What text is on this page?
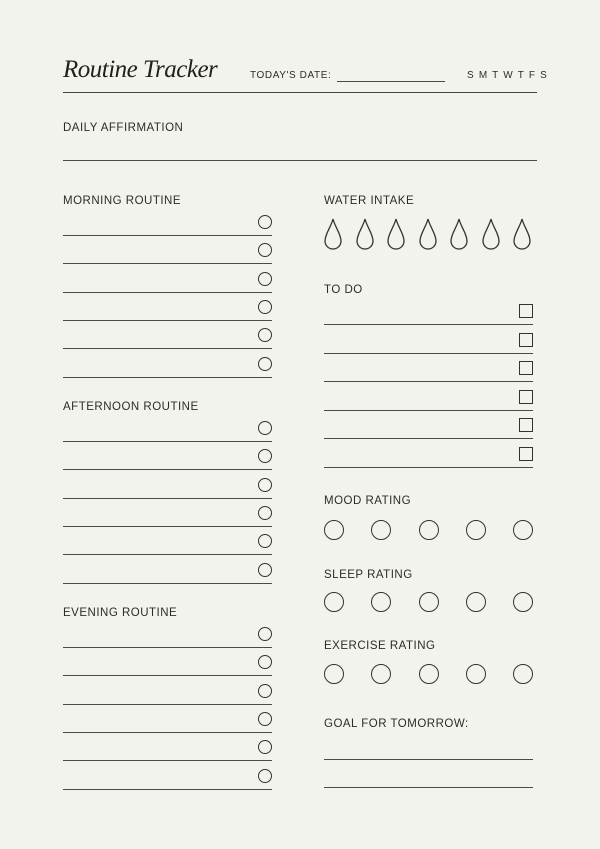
Routine Tracker	TODAY'S DATE:	S M T W T F S
DAILY AFFIRMATION
MORNING ROUTINE
AFTERNOON ROUTINE
EVENING ROUTINE
WATER INTAKE
TO DO
MOOD RATING
SLEEP RATING
EXERCISE RATING
GOAL FOR TOMORROW:
